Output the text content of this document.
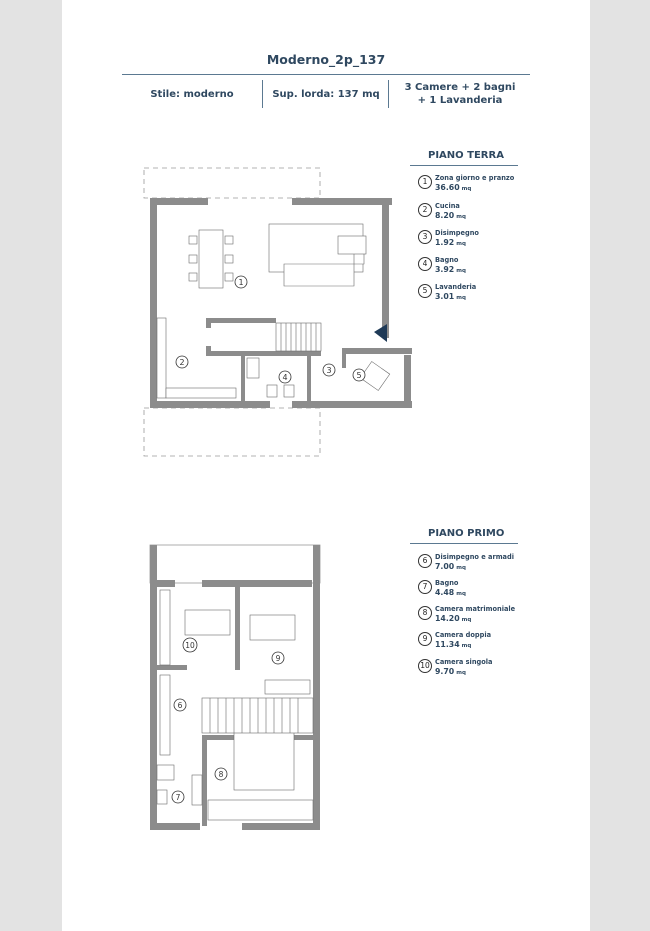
Moderno_2p_137
Stile: moderno	Sup. lorda: 137 mq
3 Camere + 2 bagni
+ 1 Lavanderia
PIANO TERRA
1	Zona giorno e pranzo
36.60 mq
2	Cucina
8.20 mq
3	Disimpegno
1.92 mq
4	Bagno
3.92 mq
5	Lavanderia
3.01 mq
PIANO PRIMO
6	Disimpegno e armadi
7.00 mq
7	Bagno
4.48 mq
8	Camera matrimoniale
14.20 mq
9	Camera doppia
11.34 mq
10 Camera singola
9.70 mq
1
2
3
4	5
6
7
8
9
10
